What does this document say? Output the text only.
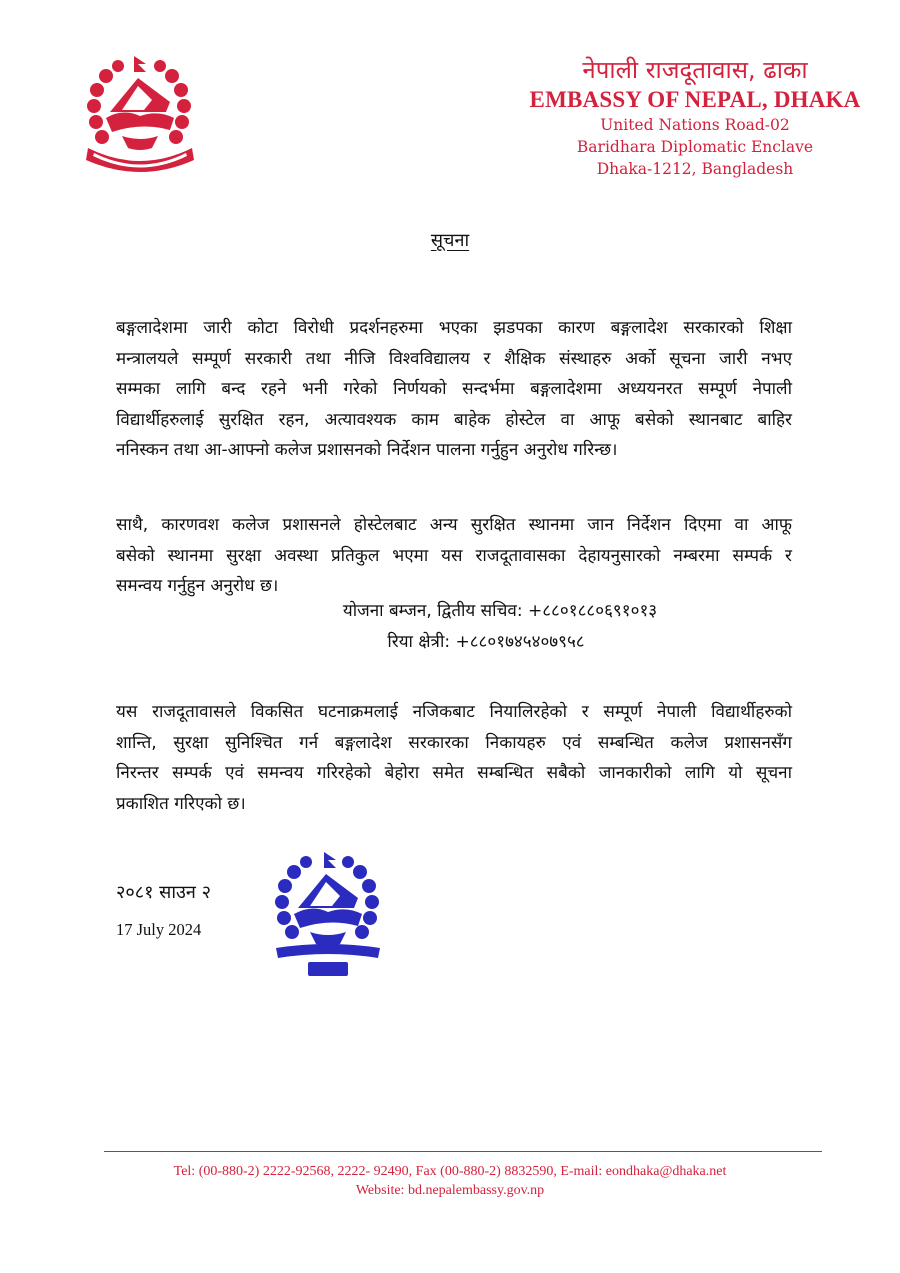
नेपाली राजदूतावास, ढाका
EMBASSY OF NEPAL, DHAKA
United Nations Road-02
Baridhara Diplomatic Enclave
Dhaka-1212, Bangladesh
सूचना
बङ्गलादेशमा जारी कोटा विरोधी प्रदर्शनहरुमा भएका झडपका कारण बङ्गलादेश सरकारको शिक्षा
मन्त्रालयले सम्पूर्ण सरकारी तथा नीजि विश्वविद्यालय र शैक्षिक संस्थाहरु अर्को सूचना जारी नभए
सम्मका लागि बन्द रहने भनी गरेको निर्णयको सन्दर्भमा बङ्गलादेशमा अध्ययनरत सम्पूर्ण नेपाली
विद्यार्थीहरुलाई सुरक्षित रहन, अत्यावश्यक काम बाहेक होस्टेल वा आफू बसेको स्थानबाट बाहिर
ननिस्कन तथा आ-आफ्नो कलेज प्रशासनको निर्देशन पालना गर्नुहुन अनुरोध गरिन्छ।
साथै, कारणवश कलेज प्रशासनले होस्टेलबाट अन्य सुरक्षित स्थानमा जान निर्देशन दिएमा वा आफू
बसेको स्थानमा सुरक्षा अवस्था प्रतिकुल भएमा यस राजदूतावासका देहायनुसारको नम्बरमा सम्पर्क र
समन्वय गर्नुहुन अनुरोध छ।
योजना बम्जन, द्वितीय सचिव: +८८०१८८०६९१०१३
रिया क्षेत्री: +८८०१७४५४०७९५८
यस राजदूतावासले विकसित घटनाक्रमलाई नजिकबाट नियालिरहेको र सम्पूर्ण नेपाली विद्यार्थीहरुको
शान्ति, सुरक्षा सुनिश्चित गर्न बङ्गलादेश सरकारका निकायहरु एवं सम्बन्धित कलेज प्रशासनसँग
निरन्तर सम्पर्क एवं समन्वय गरिरहेको बेहोरा समेत सम्बन्धित सबैको जानकारीको लागि यो सूचना
प्रकाशित गरिएको छ।
२०८१ साउन २
17 July 2024
Tel: (00-880-2) 2222-92568, 2222- 92490, Fax (00-880-2) 8832590, E-mail: eondhaka@dhaka.net
Website: bd.nepalembassy.gov.np
